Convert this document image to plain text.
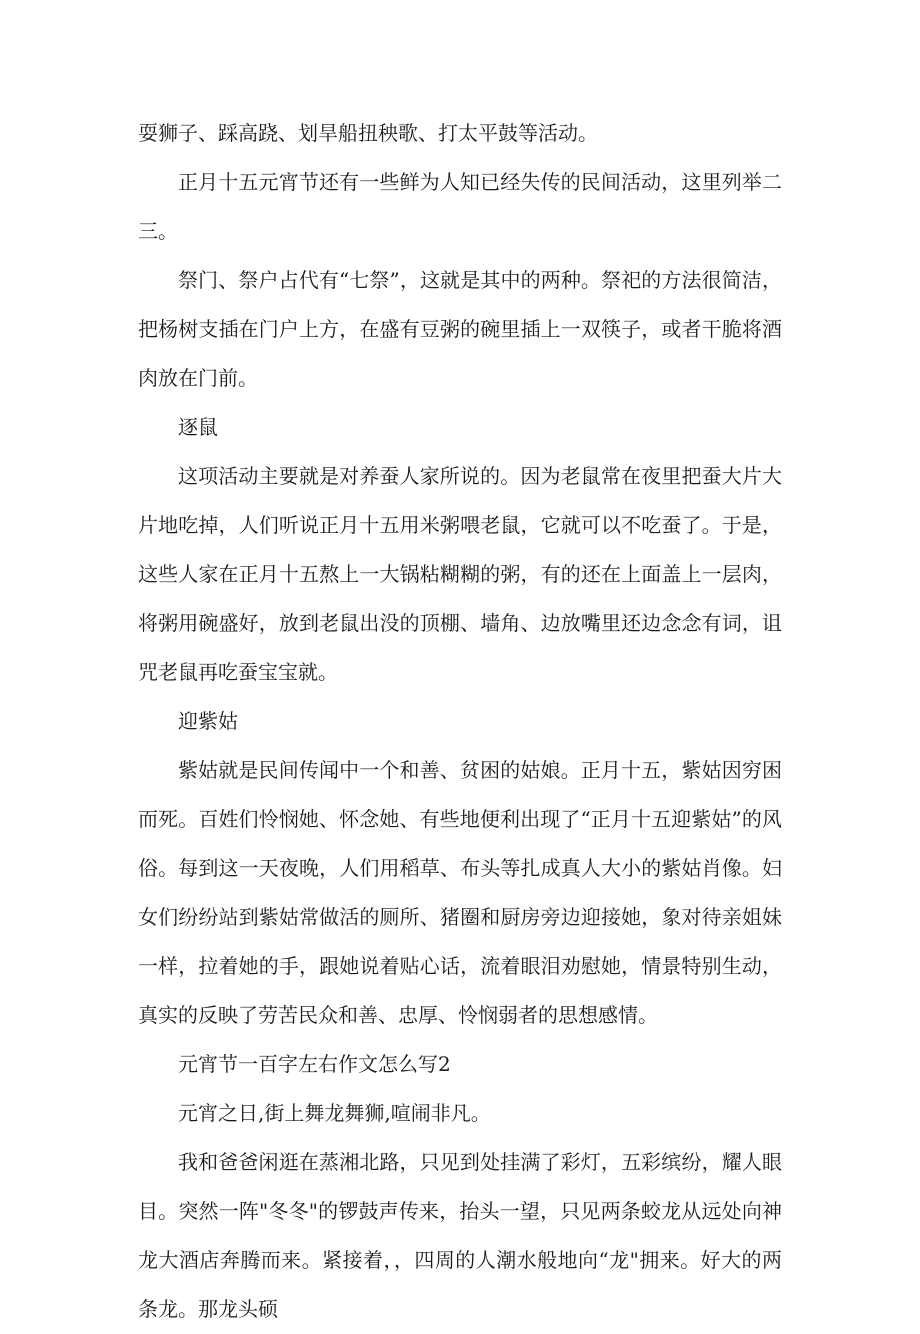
耍狮子、踩高跷、划旱船扭秧歌、打太平鼓等活动。

正月十五元宵节还有一些鲜为人知已经失传的民间活动，这里列举二三。

祭门、祭户占代有“七祭”，这就是其中的两种。祭祀的方法很简洁，把杨树支插在门户上方，在盛有豆粥的碗里插上一双筷子，或者干脆将酒肉放在门前。

逐鼠

这项活动主要就是对养蚕人家所说的。因为老鼠常在夜里把蚕大片大片地吃掉，人们听说正月十五用米粥喂老鼠，它就可以不吃蚕了。于是，这些人家在正月十五熬上一大锅粘糊糊的粥，有的还在上面盖上一层肉，将粥用碗盛好，放到老鼠出没的顶棚、墙角、边放嘴里还边念念有词，诅咒老鼠再吃蚕宝宝就。

迎紫姑

紫姑就是民间传闻中一个和善、贫困的姑娘。正月十五，紫姑因穷困而死。百姓们怜悯她、怀念她、有些地便利出现了“正月十五迎紫姑”的风俗。每到这一天夜晚，人们用稻草、布头等扎成真人大小的紫姑肖像。妇女们纷纷站到紫姑常做活的厕所、猪圈和厨房旁边迎接她，象对待亲姐妹一样，拉着她的手，跟她说着贴心话，流着眼泪劝慰她，情景特别生动，真实的反映了劳苦民众和善、忠厚、怜悯弱者的思想感情。

元宵节一百字左右作文怎么写2

元宵之日,街上舞龙舞狮,喧闹非凡。

我和爸爸闲逛在蒸湘北路，只见到处挂满了彩灯，五彩缤纷，耀人眼目。突然一阵"冬冬"的锣鼓声传来，抬头一望，只见两条蛟龙从远处向神龙大酒店奔腾而来。紧接着，，四周的人潮水般地向“龙"拥来。好大的两条龙。那龙头硕
